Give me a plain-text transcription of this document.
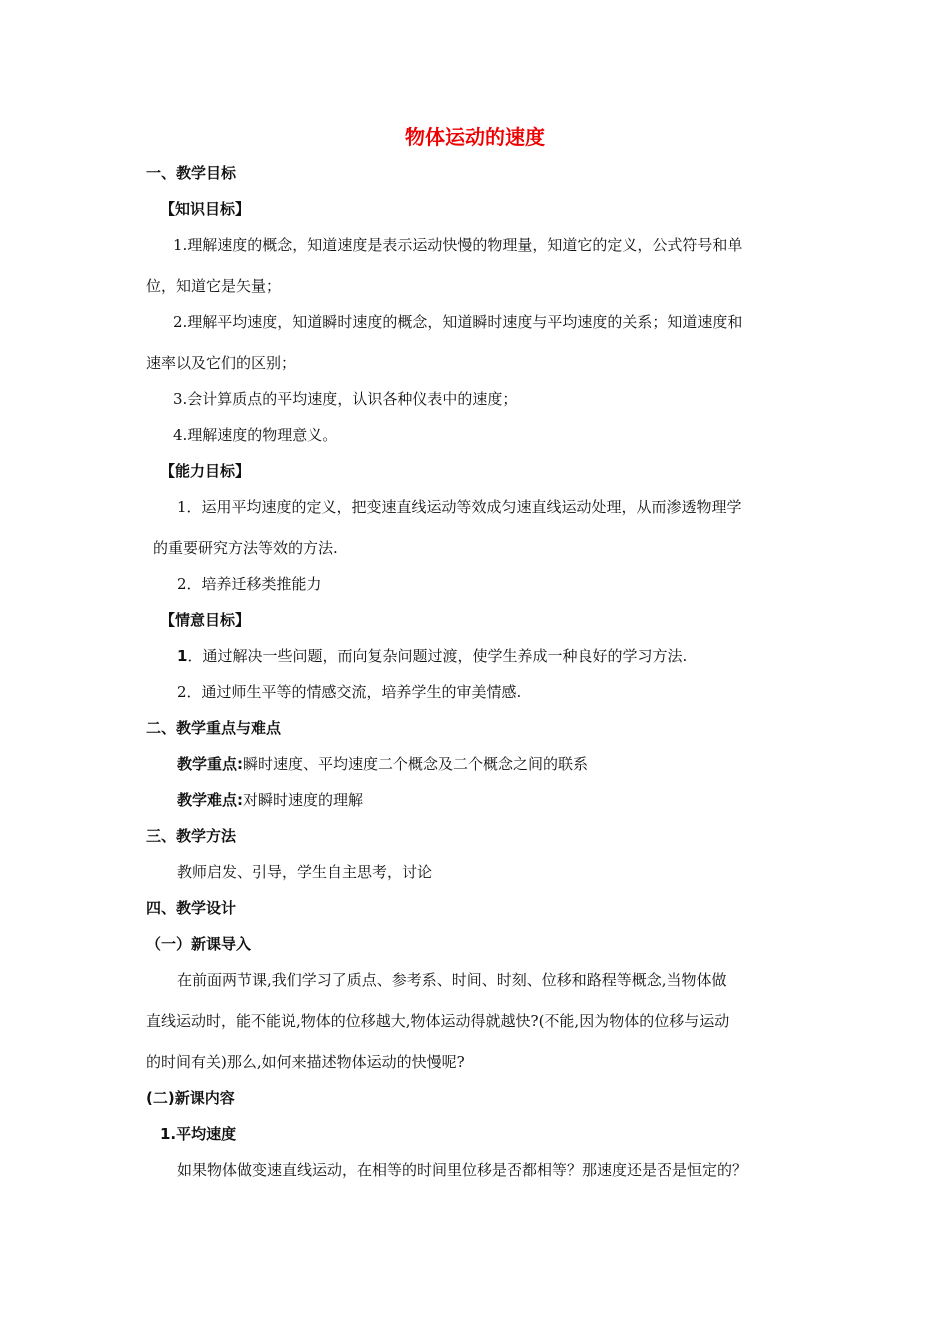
物体运动的速度
一、教学目标
【知识目标】
1.理解速度的概念，知道速度是表示运动快慢的物理量，知道它的定义，公式符号和单
位，知道它是矢量；
2.理解平均速度，知道瞬时速度的概念，知道瞬时速度与平均速度的关系；知道速度和
速率以及它们的区别；
3.会计算质点的平均速度，认识各种仪表中的速度；
4.理解速度的物理意义。
【能力目标】
1．运用平均速度的定义，把变速直线运动等效成匀速直线运动处理，从而渗透物理学
的重要研究方法等效的方法.
2．培养迁移类推能力
【情意目标】
1．通过解决一些问题，而向复杂问题过渡，使学生养成一种良好的学习方法.
2．通过师生平等的情感交流，培养学生的审美情感.
二、教学重点与难点
教学重点:瞬时速度、平均速度二个概念及二个概念之间的联系
教学难点:对瞬时速度的理解
三、教学方法
教师启发、引导，学生自主思考，讨论
四、教学设计
（一）新课导入
在前面两节课,我们学习了质点、参考系、时间、时刻、位移和路程等概念,当物体做
直线运动时，能不能说,物体的位移越大,物体运动得就越快?(不能,因为物体的位移与运动
的时间有关)那么,如何来描述物体运动的快慢呢?
(二)新课内容
1.平均速度
如果物体做变速直线运动，在相等的时间里位移是否都相等？那速度还是否是恒定的？
